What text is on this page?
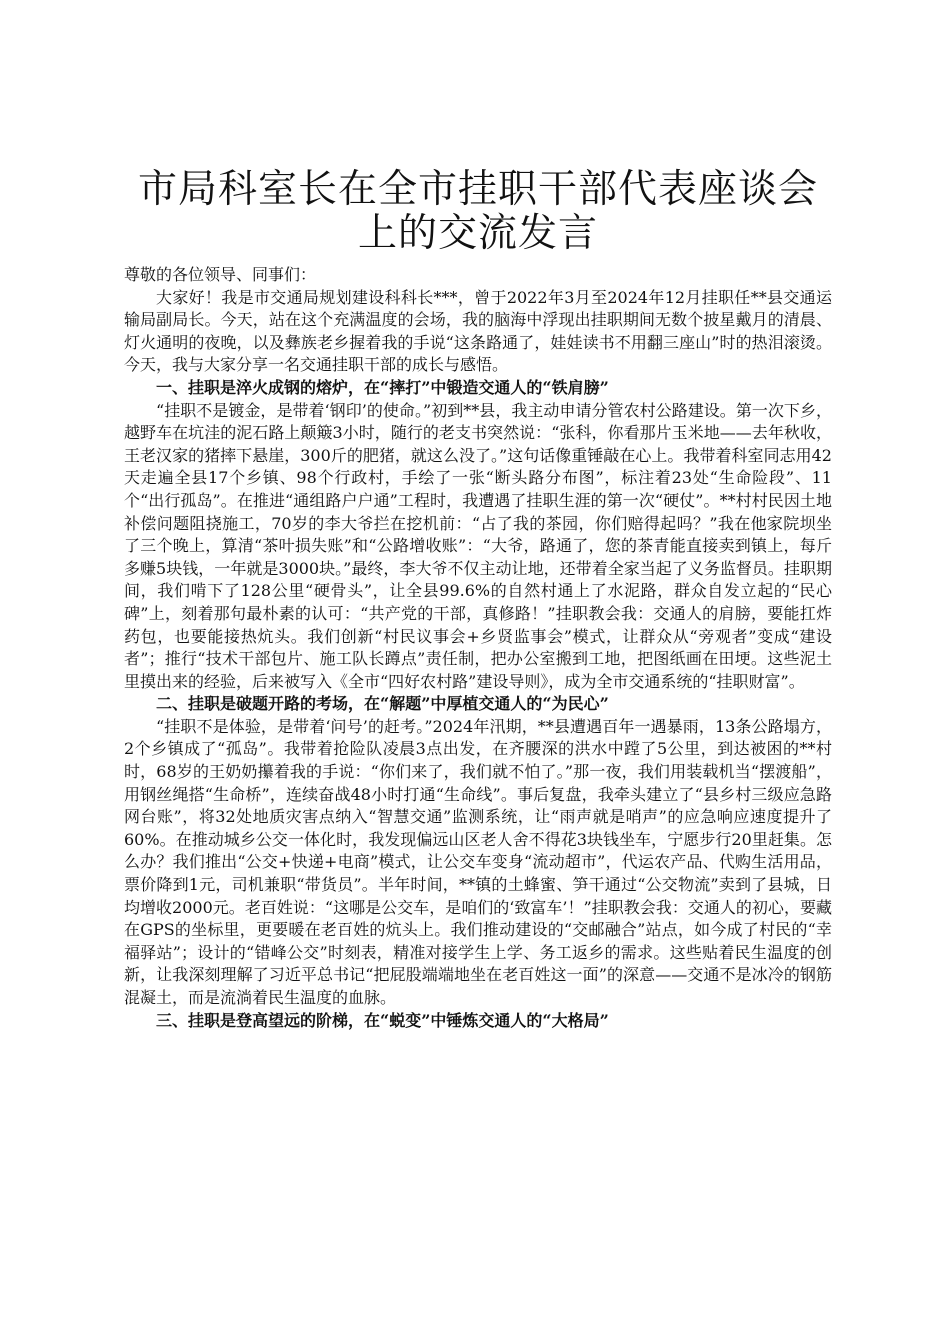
市局科室长在全市挂职干部代表座谈会上的交流发言

尊敬的各位领导、同事们：

大家好！我是市交通局规划建设科科长***，曾于2022年3月至2024年12月挂职任**县交通运输局副局长。今天，站在这个充满温度的会场，我的脑海中浮现出挂职期间无数个披星戴月的清晨、灯火通明的夜晚，以及彝族老乡握着我的手说“这条路通了，娃娃读书不用翻三座山”时的热泪滚烫。今天，我与大家分享一名交通挂职干部的成长与感悟。

一、挂职是淬火成钢的熔炉，在“摔打”中锻造交通人的“铁肩膀”

“挂职不是镀金，是带着‘钢印’的使命。”初到**县，我主动申请分管农村公路建设。第一次下乡，越野车在坑洼的泥石路上颠簸3小时，随行的老支书突然说：“张科，你看那片玉米地——去年秋收，王老汉家的猪摔下悬崖，300斤的肥猪，就这么没了。”这句话像重锤敲在心上。我带着科室同志用42天走遍全县17个乡镇、98个行政村，手绘了一张“断头路分布图”，标注着23处“生命险段”、11个“出行孤岛”。在推进“通组路户户通”工程时，我遭遇了挂职生涯的第一次“硬仗”。**村村民因土地补偿问题阻挠施工，70岁的李大爷拦在挖机前：“占了我的茶园，你们赔得起吗？”我在他家院坝坐了三个晚上，算清“茶叶损失账”和“公路增收账”：“大爷，路通了，您的茶青能直接卖到镇上，每斤多赚5块钱，一年就是3000块。”最终，李大爷不仅主动让地，还带着全家当起了义务监督员。挂职期间，我们啃下了128公里“硬骨头”，让全县99.6%的自然村通上了水泥路，群众自发立起的“民心碑”上，刻着那句最朴素的认可：“共产党的干部，真修路！”挂职教会我：交通人的肩膀，要能扛炸药包，也要能接热炕头。我们创新“村民议事会+乡贤监事会”模式，让群众从“旁观者”变成“建设者”；推行“技术干部包片、施工队长蹲点”责任制，把办公室搬到工地，把图纸画在田埂。这些泥土里摸出来的经验，后来被写入《全市“四好农村路”建设导则》，成为全市交通系统的“挂职财富”。

二、挂职是破题开路的考场，在“解题”中厚植交通人的“为民心”

“挂职不是体验，是带着‘问号’的赶考。”2024年汛期，**县遭遇百年一遇暴雨，13条公路塌方，2个乡镇成了“孤岛”。我带着抢险队凌晨3点出发，在齐腰深的洪水中蹚了5公里，到达被困的**村时，68岁的王奶奶攥着我的手说：“你们来了，我们就不怕了。”那一夜，我们用装载机当“摆渡船”，用钢丝绳搭“生命桥”，连续奋战48小时打通“生命线”。事后复盘，我牵头建立了“县乡村三级应急路网台账”，将32处地质灾害点纳入“智慧交通”监测系统，让“雨声就是哨声”的应急响应速度提升了60%。在推动城乡公交一体化时，我发现偏远山区老人舍不得花3块钱坐车，宁愿步行20里赶集。怎么办？我们推出“公交+快递+电商”模式，让公交车变身“流动超市”，代运农产品、代购生活用品，票价降到1元，司机兼职“带货员”。半年时间，**镇的土蜂蜜、笋干通过“公交物流”卖到了县城，日均增收2000元。老百姓说：“这哪是公交车，是咱们的‘致富车’！”挂职教会我：交通人的初心，要藏在GPS的坐标里，更要暖在老百姓的炕头上。我们推动建设的“交邮融合”站点，如今成了村民的“幸福驿站”；设计的“错峰公交”时刻表，精准对接学生上学、务工返乡的需求。这些贴着民生温度的创新，让我深刻理解了习近平总书记“把屁股端端地坐在老百姓这一面”的深意——交通不是冰冷的钢筋混凝土，而是流淌着民生温度的血脉。

三、挂职是登高望远的阶梯，在“蜕变”中锤炼交通人的“大格局”
